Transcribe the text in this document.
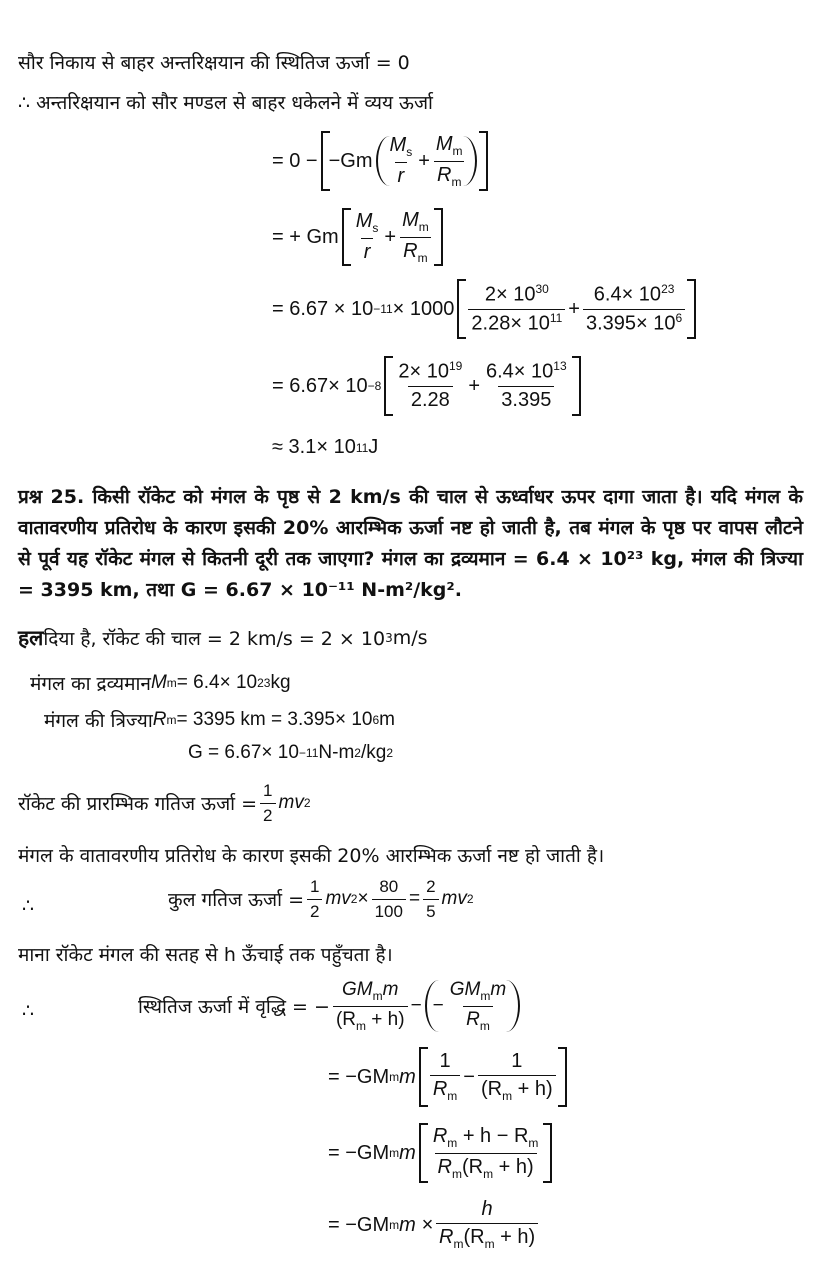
सौर निकाय से बाहर अन्तरिक्षयान की स्थितिज ऊर्जा = 0
∴ अन्तरिक्षयान को सौर मण्डल से बाहर धकेलने में व्यय ऊर्जा
= $0 - -Gm \frac{M_s}{r} + \frac{M_m}{R_m}$
= + Gm $\frac{M_s}{r} + \frac{M_m}{R_m}$
= $6.67 \times 10 -11 \times 1000 \frac{2\times 10^{30}}{2.28\times 10^{11}} + \frac{6.4\times 10^{23}}{3.395\times 10^6}$
= $6.67\times 10 -8 \frac{2\times 10^{19}}{2.28} + \frac{6.4\times 10^{13}}{3.395}$
≈ 3.1× 10 11 J
प्रश्न 25. किसी रॉकेट को मंगल के पृष्ठ से 2 km/s की चाल से ऊर्ध्वाधर ऊपर दागा जाता है। यदि मंगल के वातावरणीय प्रतिरोध के कारण इसकी 20% आरम्भिक ऊर्जा नष्ट हो जाती है, तब मंगल के पृष्ठ पर वापस लौटने से पूर्व यह रॉकेट मंगल से कितनी दूरी तक जाएगा? मंगल का द्रव्यमान = 6.4 × 10²³ kg, मंगल की त्रिज्या = 3395 km, तथा G = 6.67 × 10⁻¹¹ N-m²/kg².
हल दिया है, रॉकेट की चाल = 2 km/s = 2 × 10 3 m/s
मंगल का द्रव्यमान M m = 6.4× 10 23 kg
मंगल की त्रिज्या R m = 3395 km = 3.395× 10 6 m
G = 6.67× 10 −11 N-m 2 /kg 2
रॉकेट की प्रारम्भिक गतिज ऊर्जा = $\frac{1}{2}$ mv 2
मंगल के वातावरणीय प्रतिरोध के कारण इसकी 20% आरम्भिक ऊर्जा नष्ट हो जाती है।
∴	कुल गतिज ऊर्जा = $\frac{1}{2}$ mv $2 \times \frac{80}{100} = \frac{2}{5}$ mv 2
माना रॉकेट मंगल की सतह से h ऊँचाई तक पहुँचता है।
∴	स्थितिज ऊर्जा में वृद्धि = − $\frac{GM_mm}{(R_m + h)}$ − − $\frac{GM_mm}{R_m}$
= −GM m m $\frac{1}{R_m} - \frac{1}{(R_m + h)}$
= −GM m m $\frac{R_m + h - R_m}{R_m(R_m + h)}$
= −GM m $m \times \frac{h}{R_m(R_m + h)}$
